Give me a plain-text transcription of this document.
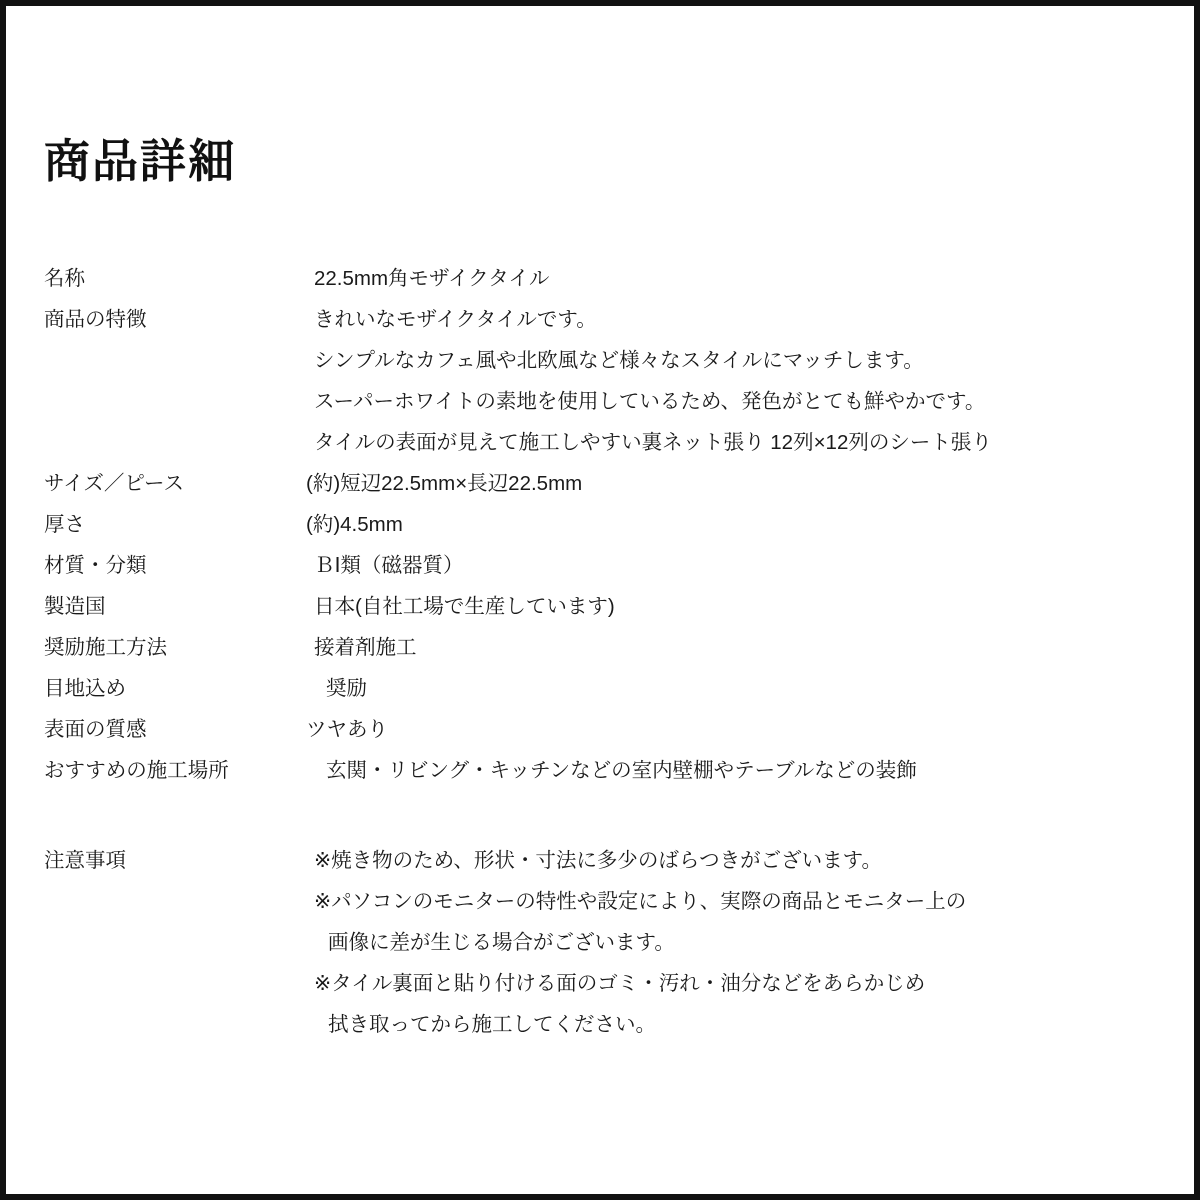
商品詳細
名称	22.5mm角モザイクタイル

商品の特徴	きれいなモザイクタイルです。
シンプルなカフェ風や北欧風など様々なスタイルにマッチします。
スーパーホワイトの素地を使用しているため、発色がとても鮮やかです。
タイルの表面が見えて施工しやすい裏ネット張り 12列×12列のシート張り

サイズ／ピース	(約)短辺22.5mm×長辺22.5mm

厚さ	(約)4.5mm

材質・分類	ＢⅠ類（磁器質）

製造国	日本(自社工場で生産しています)

奨励施工方法	接着剤施工

目地込め	奨励

表面の質感	ツヤあり

おすすめの施工場所	玄関・リビング・キッチンなどの室内壁棚やテーブルなどの装飾
注意事項	※焼き物のため、形状・寸法に多少のばらつきがございます。
※パソコンのモニターの特性や設定により、実際の商品とモニター上の
画像に差が生じる場合がございます。
※タイル裏面と貼り付ける面のゴミ・汚れ・油分などをあらかじめ
拭き取ってから施工してください。
